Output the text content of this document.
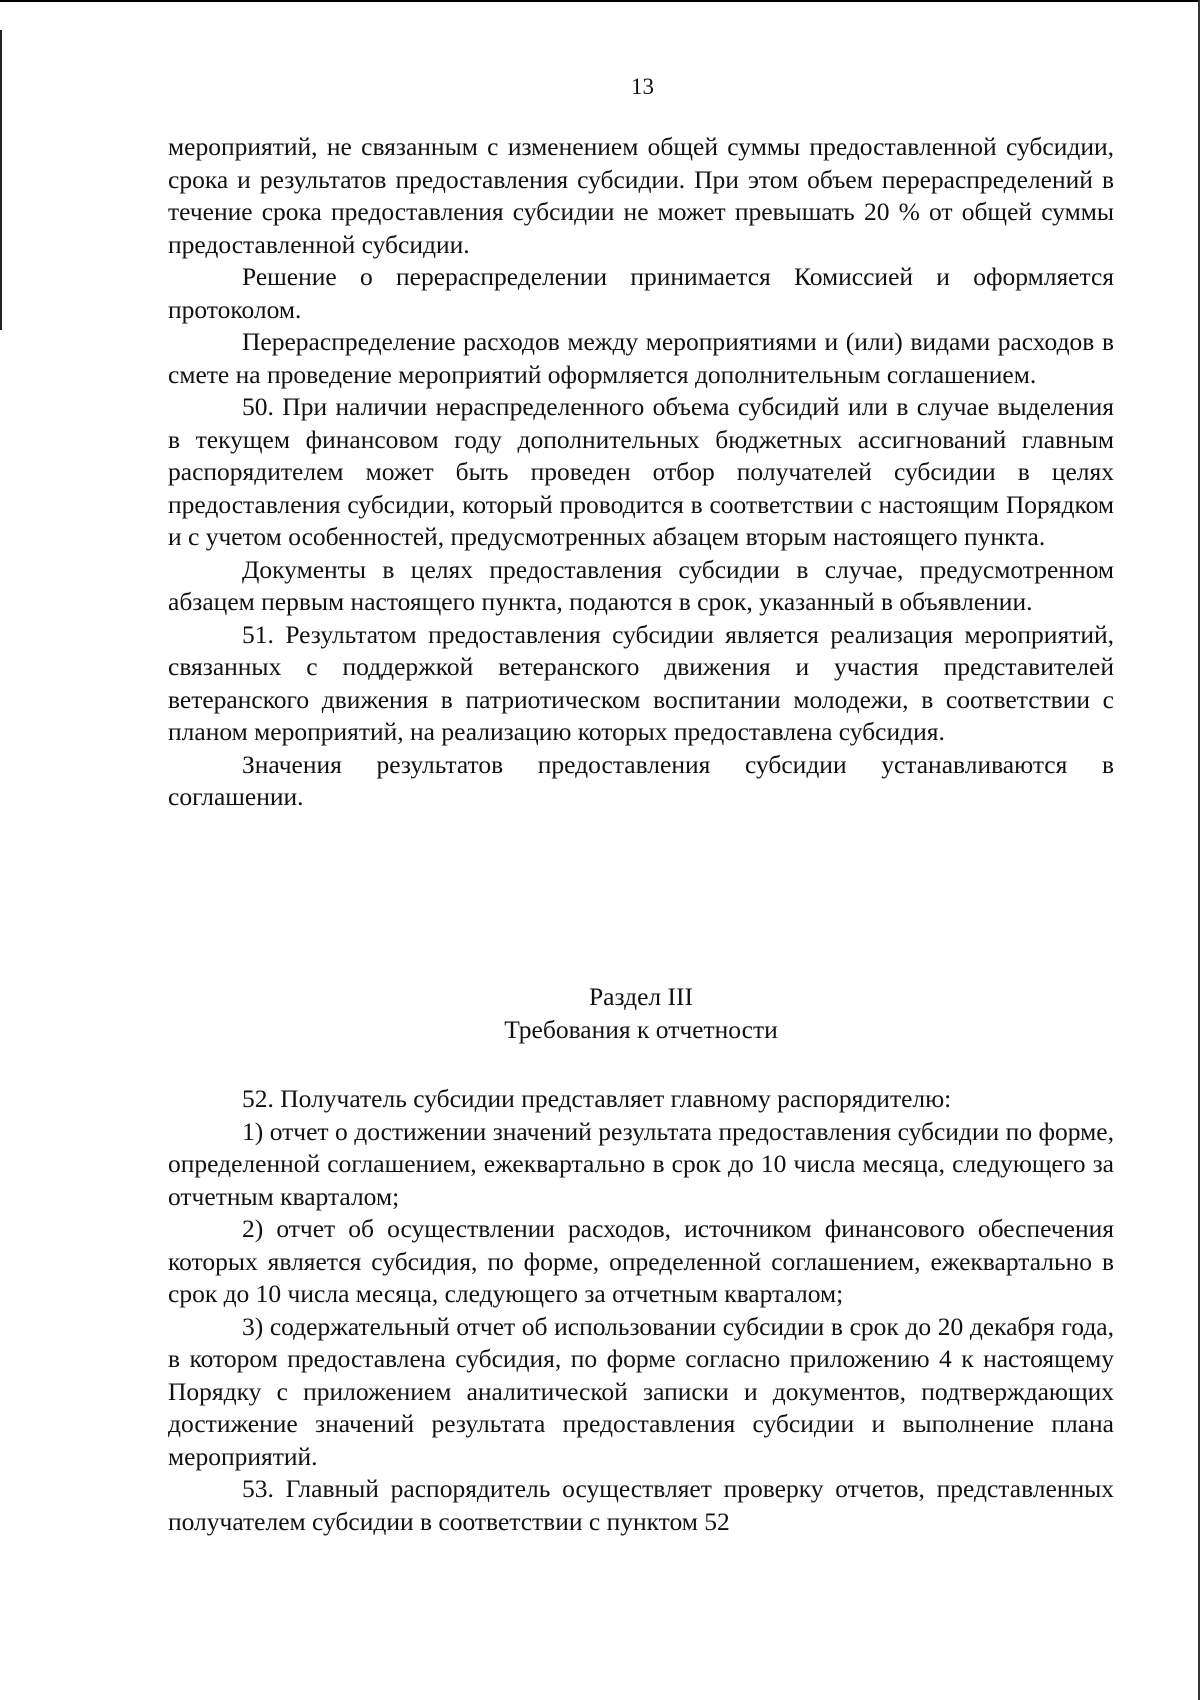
13

мероприятий, не связанным с изменением общей суммы предоставленной субсидии, срока и результатов предоставления субсидии. При этом объем перераспределений в течение срока предоставления субсидии не может превышать 20 % от общей суммы предоставленной субсидии.

Решение о перераспределении принимается Комиссией и оформляется протоколом.

Перераспределение расходов между мероприятиями и (или) видами расходов в смете на проведение мероприятий оформляется дополнительным соглашением.

50. При наличии нераспределенного объема субсидий или в случае выделения в текущем финансовом году дополнительных бюджетных ассигнований главным распорядителем может быть проведен отбор получателей субсидии в целях предоставления субсидии, который проводится в соответствии с настоящим Порядком и с учетом особенностей, предусмотренных абзацем вторым настоящего пункта.

Документы в целях предоставления субсидии в случае, предусмотренном абзацем первым настоящего пункта, подаются в срок, указанный в объявлении.

51. Результатом предоставления субсидии является реализация мероприятий, связанных с поддержкой ветеранского движения и участия представителей ветеранского движения в патриотическом воспитании молодежи, в соответствии с планом мероприятий, на реализацию которых предоставлена субсидия.

Значения результатов предоставления субсидии устанавливаются в соглашении.

Раздел III
Требования к отчетности

52. Получатель субсидии представляет главному распорядителю:

1) отчет о достижении значений результата предоставления субсидии по форме, определенной соглашением, ежеквартально в срок до 10 числа месяца, следующего за отчетным кварталом;

2) отчет об осуществлении расходов, источником финансового обеспечения которых является субсидия, по форме, определенной соглашением, ежеквартально в срок до 10 числа месяца, следующего за отчетным кварталом;

3) содержательный отчет об использовании субсидии в срок до 20 декабря года, в котором предоставлена субсидия, по форме согласно приложению 4 к настоящему Порядку с приложением аналитической записки и документов, подтверждающих достижение значений результата предоставления субсидии и выполнение плана мероприятий.

53. Главный распорядитель осуществляет проверку отчетов, представленных получателем субсидии в соответствии с пунктом 52
